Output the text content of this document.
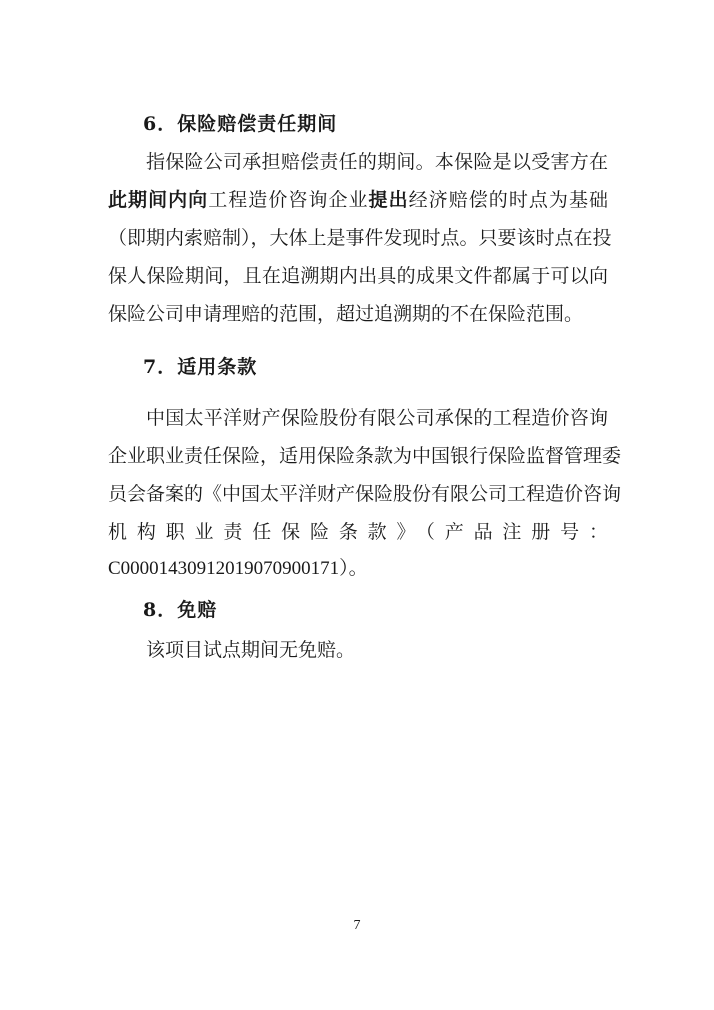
6．保险赔偿责任期间
指保险公司承担赔偿责任的期间。本保险是以受害方在
此期间内向工程造价咨询企业提出经济赔偿的时点为基础
（即期内索赔制），大体上是事件发现时点。只要该时点在投
保人保险期间，且在追溯期内出具的成果文件都属于可以向
保险公司申请理赔的范围，超过追溯期的不在保险范围。
7．适用条款
中国太平洋财产保险股份有限公司承保的工程造价咨询
企业职业责任保险，适用保险条款为中国银行保险监督管理委
员会备案的《中国太平洋财产保险股份有限公司工程造价咨询
机构职业责任保险条款》（产品注册号：
C00001430912019070900171）。
8．免赔
该项目试点期间无免赔。
7
